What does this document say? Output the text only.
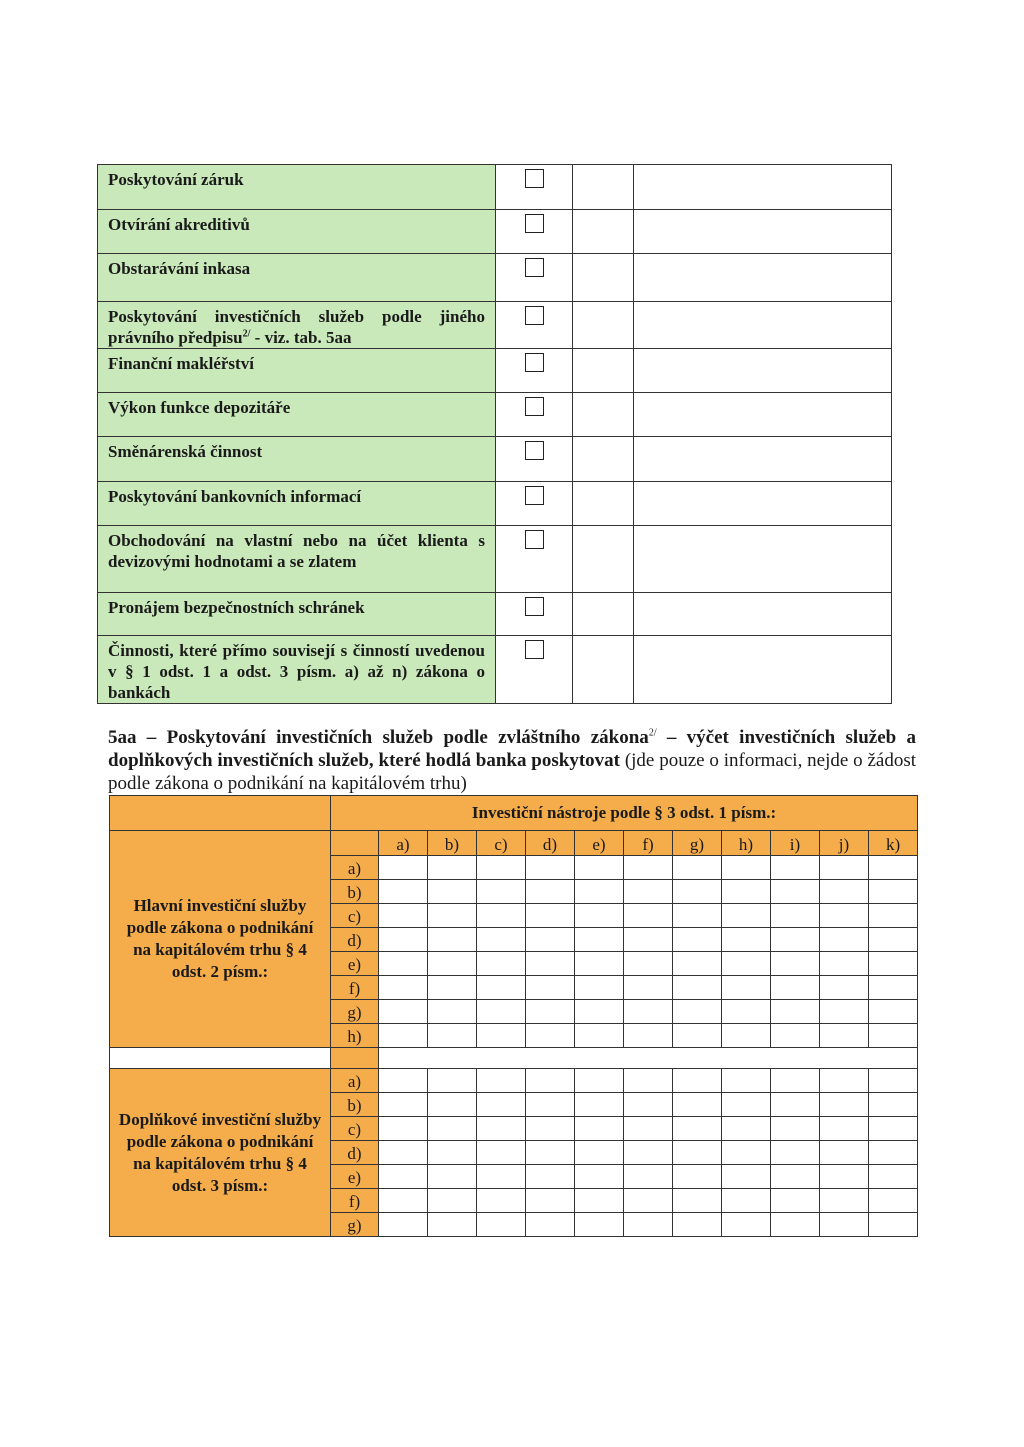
Poskytování záruk			

Otvírání akreditivů			

Obstarávání inkasa			

Poskytování investičních služeb podle jiného právního předpisu$^{2/}$ - viz. tab. 5aa			

Finanční makléřství			

Výkon funkce depozitáře			

Směnárenská činnost			

Poskytování bankovních informací			

Obchodování na vlastní nebo na účet klienta s devizovými hodnotami a se zlatem			

Pronájem bezpečnostních schránek			

Činnosti, které přímo souvisejí s činností uvedenou v § 1 odst. 1 a odst. 3 písm. a) až n) zákona o bankách			

5aa – Poskytování investičních služeb podle zvláštního zákona$^{2/}$ – výčet investičních služeb a doplňkových investičních služeb, které hodlá banka poskytovat (jde pouze o informaci, nejde o žádost podle zákona o podnikání na kapitálovém trhu)
	Investiční nástroje podle § 3 odst. 1 písm.:											
Hlavní investiční služby podle zákona o podnikání na kapitálovém trhu § 4 odst. 2 písm.:		a)	b)	c)	d)	e)	f)	g)	h)	i)	j)	k)
	a)											
	b)											
	c)											
	d)											
	e)											
	f)											
	g)											
	h)											

Doplňkové investiční služby podle zákona o podnikání na kapitálovém trhu § 4 odst. 3 písm.:	a)											
	b)											
	c)											
	d)											
	e)											
	f)											
	g)											
